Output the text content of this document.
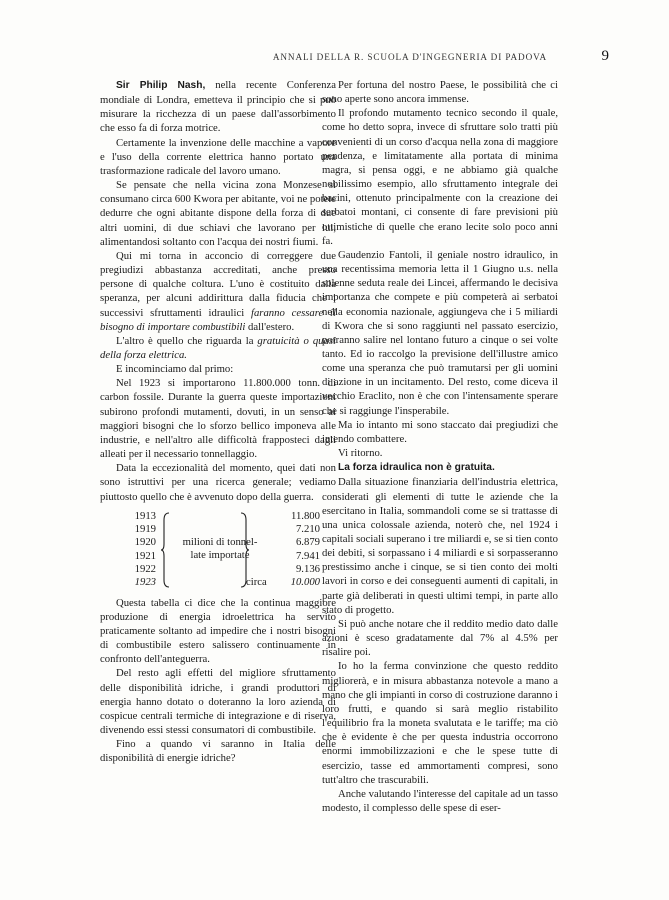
ANNALI DELLA R. SCUOLA D'INGEGNERIA DI PADOVA	9

Sir Philip Nash, nella recente Conferenza mondiale di Londra, emetteva il principio che si può misurare la ricchezza di un paese dall'assorbimento che esso fa di forza motrice.

Certamente la invenzione delle macchine a vapore e l'uso della corrente elettrica hanno portato una trasformazione radicale del lavoro umano.

Se pensate che nella vicina zona Monzese si consumano circa 600 Kwora per abitante, voi ne potete dedurre che ogni abitante dispone della forza di due altri uomini, di due schiavi che lavorano per lui, alimentandosi soltanto con l'acqua dei nostri fiumi.

Qui mi torna in acconcio di correggere due pregiudizi abbastanza accreditati, anche presso persone di qualche coltura. L'uno è costituito dalla speranza, per alcuni addirittura dalla fiducia che i successivi sfruttamenti idraulici faranno cessare il bisogno di importare combustibili dall'estero.

L'altro è quello che riguarda la gratuicità o quasi della forza elettrica.

E incominciamo dal primo:

Nel 1923 si importarono 11.800.000 tonn. di carbon fossile. Durante la guerra queste importazioni subirono profondi mutamenti, dovuti, in un senso ai maggiori bisogni che lo sforzo bellico imponeva alle industrie, e nell'altro alle difficoltà frapposteci dagli alleati per il necessario tonnellaggio.

Data la eccezionalità del momento, quei dati non sono istruttivi per una ricerca generale; vediamo piuttosto quello che è avvenuto dopo della guerra.

1913
1919
1920
1921
1922
1923
milioni di tonnel-
late importate
circa
11.800
7.210
6.879
7.941
9.136
10.000

Questa tabella ci dice che la continua maggiore produzione di energia idroelettrica ha servito praticamente soltanto ad impedire che i nostri bisogni di combustibile estero salissero continuamente in confronto dell'anteguerra.

Del resto agli effetti del migliore sfruttamento delle disponibilità idriche, i grandi produttori di energia hanno dotato o doteranno la loro azienda di cospicue centrali termiche di integrazione e di riserva, divenendo essi stessi consumatori di combustibile.

Fino a quando vi saranno in Italia delle disponibilità di energie idriche?

Per fortuna del nostro Paese, le possibilità che ci sono aperte sono ancora immense.

Il profondo mutamento tecnico secondo il quale, come ho detto sopra, invece di sfruttare solo tratti più convenienti di un corso d'acqua nella zona di maggiore pendenza, e limitatamente alla portata di minima magra, si pensa oggi, e ne abbiamo già qualche nobilissimo esempio, allo sfruttamento integrale dei bacini, ottenuto principalmente con la creazione dei serbatoi montani, ci consente di fare previsioni più ottimistiche di quelle che erano lecite solo poco anni fa.

Gaudenzio Fantoli, il geniale nostro idraulico, in una recentissima memoria letta il 1 Giugno u.s. nella solenne seduta reale dei Lincei, affermando le decisiva importanza che compete e più competerà ai serbatoi nella economia nazionale, aggiungeva che i 5 miliardi di Kwora che si sono raggiunti nel passato esercizio, potranno salire nel lontano futuro a cinque o sei volte tanto. Ed io raccolgo la previsione dell'illustre amico come una speranza che può tramutarsi per gli uomini di azione in un incitamento. Del resto, come diceva il vecchio Eraclito, non è che con l'intensamente sperare che si raggiunge l'insperabile.

Ma io intanto mi sono staccato dai pregiudizi che intendo combattere.

Vi ritorno.

La forza idraulica non è gratuita.

Dalla situazione finanziaria dell'industria elettrica, considerati gli elementi di tutte le aziende che la esercitano in Italia, sommandoli come se si trattasse di una unica colossale azienda, noterò che, nel 1924 i capitali sociali superano i tre miliardi e, se si tien conto dei debiti, si sorpassano i 4 miliardi e si sorpasseranno prestissimo anche i cinque, se si tien conto dei molti lavori in corso e dei conseguenti aumenti di capitali, in parte già deliberati in questi ultimi tempi, in parte allo stato di progetto.

Si può anche notare che il reddito medio dato dalle azioni è sceso gradatamente dal 7% al 4.5% per risalire poi.

Io ho la ferma convinzione che questo reddito migliorerà, e in misura abbastanza notevole a mano a mano che gli impianti in corso di costruzione daranno i loro frutti, e quando si sarà meglio ristabilito l'equilibrio fra la moneta svalutata e le tariffe; ma ciò che è evidente è che per questa industria occorrono enormi immobilizzazioni e che le spese tutte di esercizio, tasse ed ammortamenti compresi, sono tutt'altro che trascurabili.

Anche valutando l'interesse del capitale ad un tasso modesto, il complesso delle spese di eser-
